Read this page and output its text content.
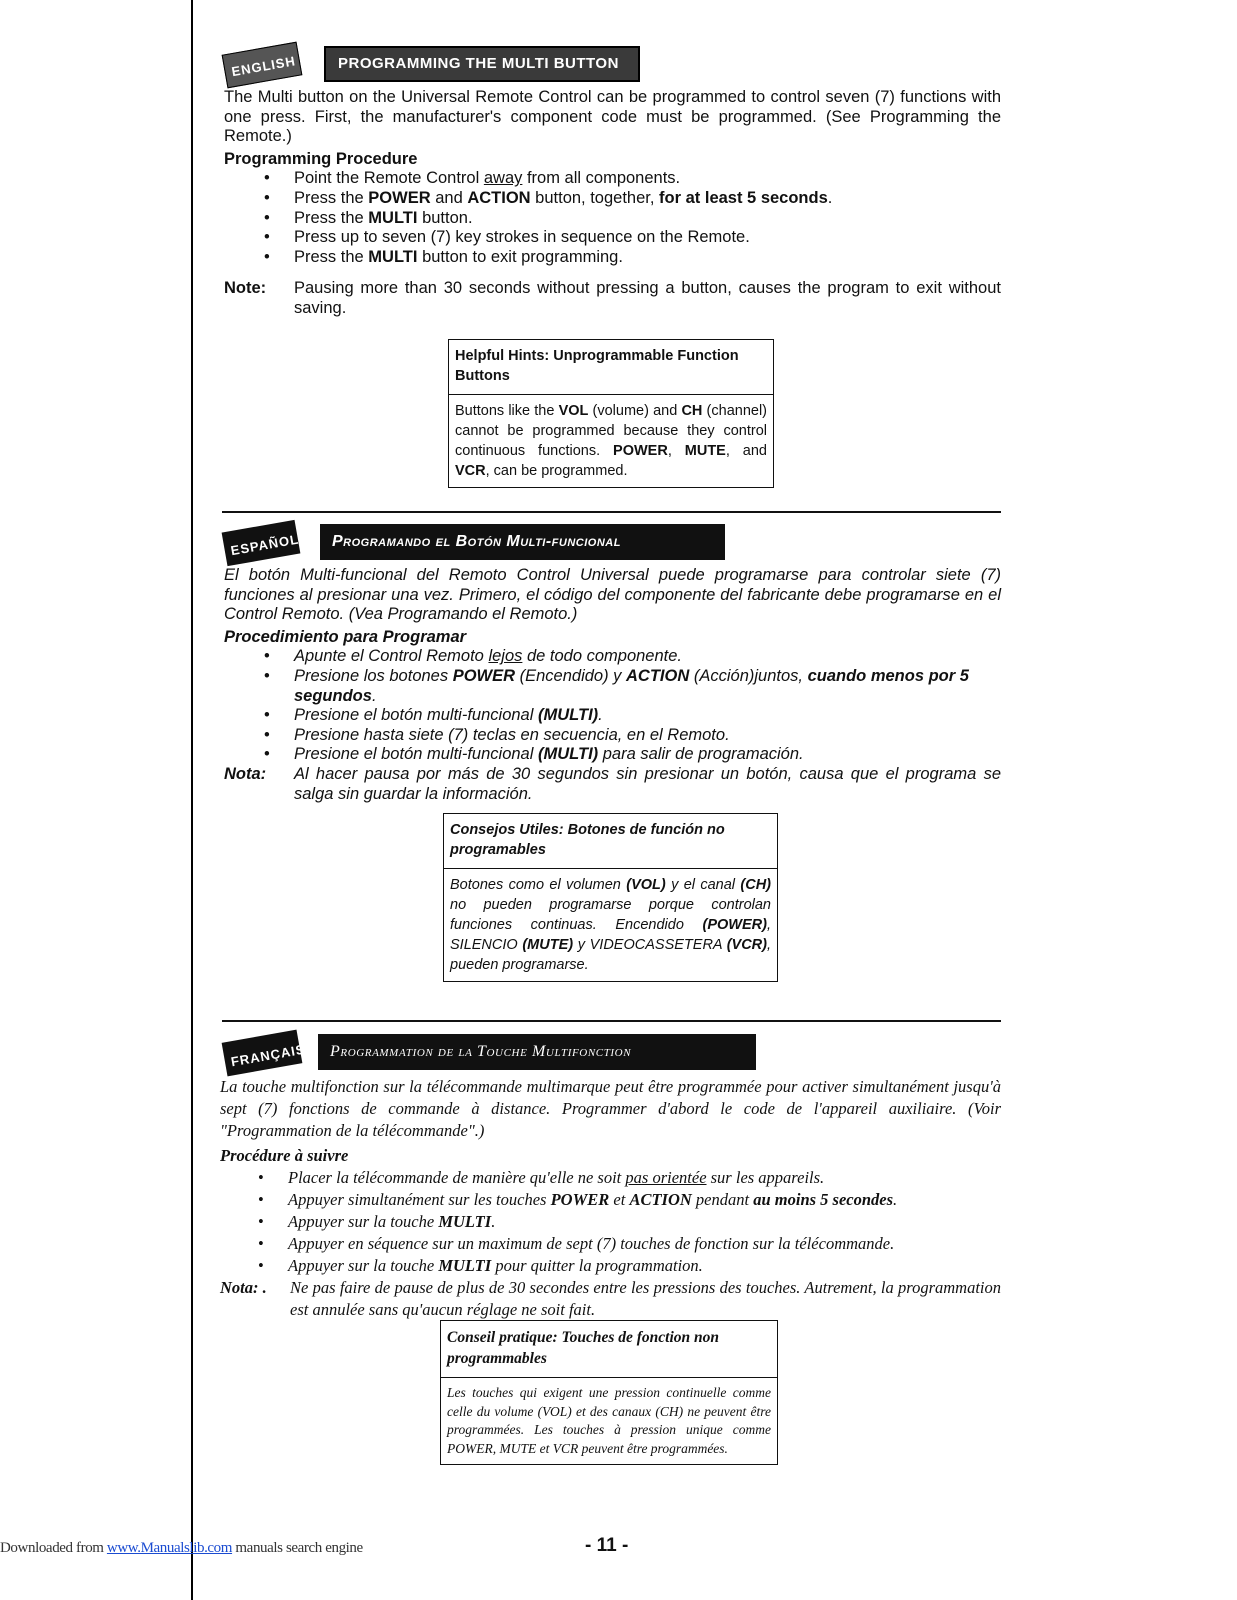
ENGLISH	PROGRAMMING THE MULTI BUTTON

The Multi button on the Universal Remote Control can be programmed to control seven (7) functions with one press. First, the manufacturer's component code must be programmed. (See Programming the Remote.)

Programming Procedure
• Point the Remote Control away from all components.
• Press the POWER and ACTION button, together, for at least 5 seconds.
• Press the MULTI button.
• Press up to seven (7) key strokes in sequence on the Remote.
• Press the MULTI button to exit programming.
Note:	Pausing more than 30 seconds without pressing a button, causes the program to exit without saving.
Helpful Hints: Unprogrammable Function Buttons
Buttons like the VOL (volume) and CH (channel) cannot be programmed because they control continuous functions. POWER, MUTE, and VCR, can be programmed.
ESPAÑOL	Programando el Botón Multi-funcional

El botón Multi-funcional del Remoto Control Universal puede programarse para controlar siete (7) funciones al presionar una vez. Primero, el código del componente del fabricante debe programarse en el Control Remoto. (Vea Programando el Remoto.)

Procedimiento para Programar
• Apunte el Control Remoto lejos de todo componente.
• Presione los botones POWER (Encendido) y ACTION (Acción)juntos, cuando menos por 5 segundos.
• Presione el botón multi-funcional (MULTI).
• Presione hasta siete (7) teclas en secuencia, en el Remoto.
• Presione el botón multi-funcional (MULTI) para salir de programación.
Nota:	Al hacer pausa por más de 30 segundos sin presionar un botón, causa que el programa se salga sin guardar la información.
Consejos Utiles: Botones de función no programables
Botones como el volumen (VOL) y el canal (CH) no pueden programarse porque controlan funciones continuas. Encendido (POWER), SILENCIO (MUTE) y VIDEOCASSETERA (VCR), pueden programarse.
FRANÇAIS	Programmation de la Touche Multifonction

La touche multifonction sur la télécommande multimarque peut être programmée pour activer simultanément jusqu'à sept (7) fonctions de commande à distance. Programmer d'abord le code de l'appareil auxiliaire. (Voir "Programmation de la télécommande".)

Procédure à suivre
• Placer la télécommande de manière qu'elle ne soit pas orientée sur les appareils.
• Appuyer simultanément sur les touches POWER et ACTION pendant au moins 5 secondes.
• Appuyer sur la touche MULTI.
• Appuyer en séquence sur un maximum de sept (7) touches de fonction sur la télécommande.
• Appuyer sur la touche MULTI pour quitter la programmation.
Nota: .	Ne pas faire de pause de plus de 30 secondes entre les pressions des touches. Autrement, la programmation est annulée sans qu'aucun réglage ne soit fait.
Conseil pratique: Touches de fonction non programmables
Les touches qui exigent une pression continuelle comme celle du volume (VOL) et des canaux (CH) ne peuvent être programmées. Les touches à pression unique comme POWER, MUTE et VCR peuvent être programmées.
Downloaded from www.Manualslib.com manuals search engine	- 11 -
